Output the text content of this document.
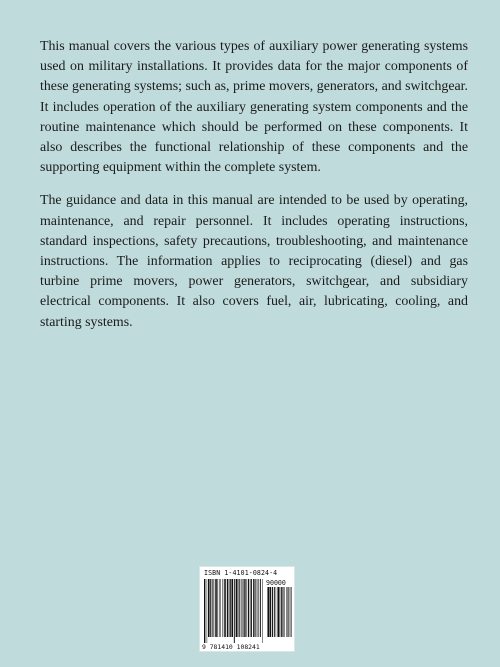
This manual covers the various types of auxiliary power generating systems used on military installations. It provides data for the major components of these generating systems; such as, prime movers, generators, and switchgear. It includes operation of the auxiliary generating system components and the routine maintenance which should be performed on these components. It also describes the functional relationship of these components and the supporting equipment within the complete system.

The guidance and data in this manual are intended to be used by operating, maintenance, and repair personnel. It includes operating instructions, standard inspections, safety precautions, troubleshooting, and maintenance instructions. The information applies to reciprocating (diesel) and gas turbine prime movers, power generators, switchgear, and subsidiary electrical components. It also covers fuel, air, lubricating, cooling, and starting systems.

ISBN 1-4101-0824-4
90000
9 781410 108241
